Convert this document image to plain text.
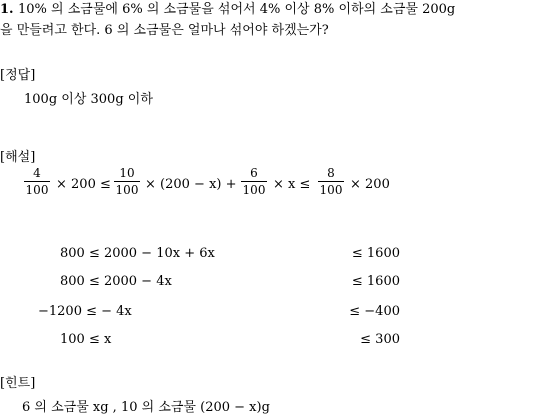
1. 10% 의 소금물에 6% 의 소금물을 섞어서 4% 이상 8% 이하의 소금물 200g
을 만들려고 한다. 6 의 소금물은 얼마나 섞어야 하겠는가?
[정답]
100g 이상 300g 이하
[해설]
4
100 × 200 ≤
10
100 × (200 − x) +
6
100 × x ≤
8
100 × 200
800 ≤ 2000 − 10x + 6x	≤ 1600
800 ≤ 2000 − 4x	≤ 1600
−1200 ≤ − 4x	≤ −400
100 ≤ x	≤ 300
[힌트]
6 의 소금물 xg , 10 의 소금물 (200 − x)g
